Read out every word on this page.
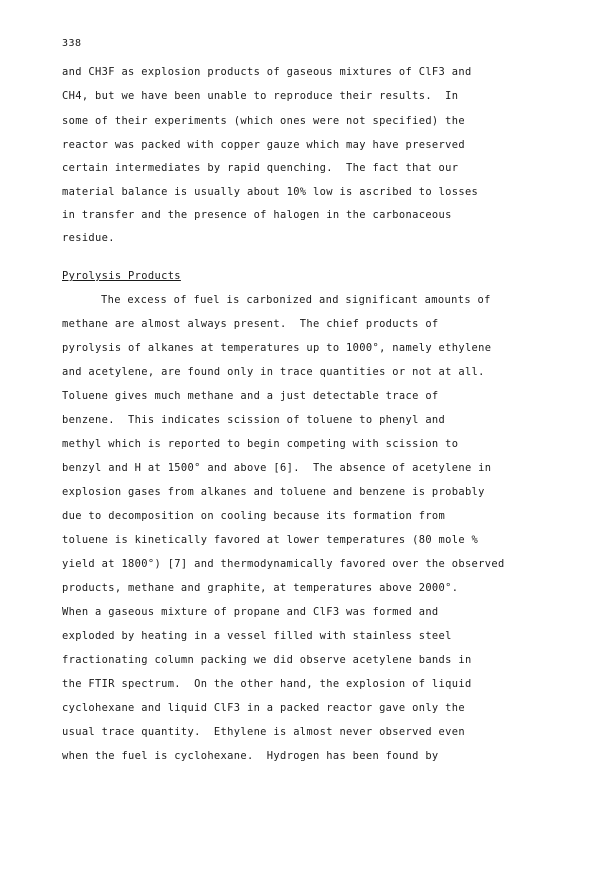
338
and CH3F as explosion products of gaseous mixtures of ClF3 and
CH4, but we have been unable to reproduce their results.  In
some of their experiments (which ones were not specified) the
reactor was packed with copper gauze which may have preserved
certain intermediates by rapid quenching.  The fact that our
material balance is usually about 10% low is ascribed to losses
in transfer and the presence of halogen in the carbonaceous
residue.
Pyrolysis Products
The excess of fuel is carbonized and significant amounts of
methane are almost always present.  The chief products of
pyrolysis of alkanes at temperatures up to 1000°, namely ethylene
and acetylene, are found only in trace quantities or not at all.
Toluene gives much methane and a just detectable trace of
benzene.  This indicates scission of toluene to phenyl and
methyl which is reported to begin competing with scission to
benzyl and H at 1500° and above [6].  The absence of acetylene in
explosion gases from alkanes and toluene and benzene is probably
due to decomposition on cooling because its formation from
toluene is kinetically favored at lower temperatures (80 mole %
yield at 1800°) [7] and thermodynamically favored over the observed
products, methane and graphite, at temperatures above 2000°.
When a gaseous mixture of propane and ClF3 was formed and
exploded by heating in a vessel filled with stainless steel
fractionating column packing we did observe acetylene bands in
the FTIR spectrum.  On the other hand, the explosion of liquid
cyclohexane and liquid ClF3 in a packed reactor gave only the
usual trace quantity.  Ethylene is almost never observed even
when the fuel is cyclohexane.  Hydrogen has been found by
